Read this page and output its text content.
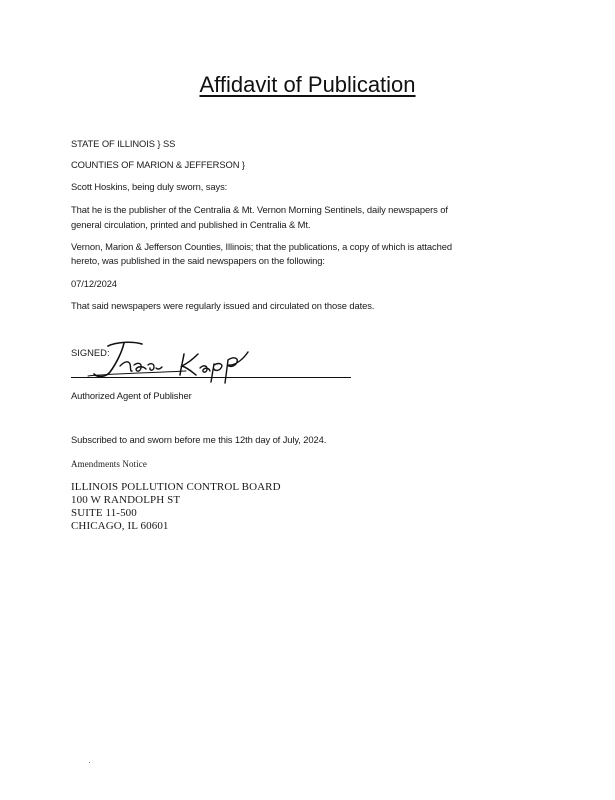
Affidavit of Publication
STATE OF ILLINOIS } SS
COUNTIES OF MARION & JEFFERSON }
Scott Hoskins, being duly sworn, says:
That he is the publisher of the Centralia & Mt. Vernon Morning Sentinels, daily newspapers of
general circulation, printed and published in Centralia & Mt.
Vernon, Marion & Jefferson Counties, Illinois; that the publications, a copy of which is attached
hereto, was published in the said newspapers on the following:
07/12/2024
That said newspapers were regularly issued and circulated on those dates.
SIGNED:
Authorized Agent of Publisher
Subscribed to and sworn before me this 12th day of July, 2024.
Amendments Notice
ILLINOIS POLLUTION CONTROL BOARD
100 W RANDOLPH ST
SUITE 11-500
CHICAGO, IL 60601
